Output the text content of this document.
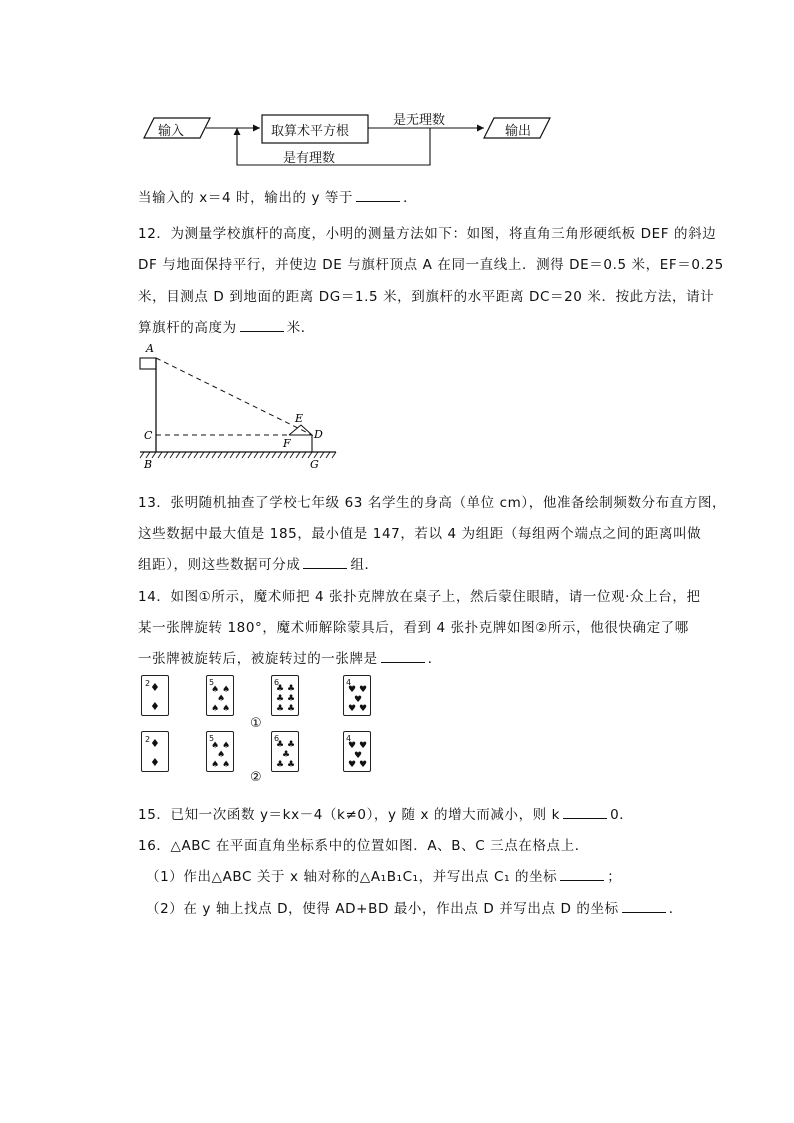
输入	取算术平方根
是无理数
输出
是有理数
当输入的 x＝4 时，输出的 y 等于	．
12．为测量学校旗杆的高度，小明的测量方法如下：如图，将直角三角形硬纸板 DEF 的斜边
DF 与地面保持平行，并使边 DE 与旗杆顶点 A 在同一直线上．测得 DE＝0.5 米，EF＝0.25
米，目测点 D 到地面的距离 DG＝1.5 米，到旗杆的水平距离 DC＝20 米．按此方法，请计
算旗杆的高度为	米．
A
C
B
E
F
D
G
13．张明随机抽查了学校七年级 63 名学生的身高（单位 cm），他准备绘制频数分布直方图，
这些数据中最大值是 185，最小值是 147，若以 4 为组距（每组两个端点之间的距离叫做
组距），则这些数据可分成	组．
14．如图①所示，魔术师把 4 张扑克牌放在桌子上，然后蒙住眼睛，请一位观·众上台，把
某一张牌旋转 180°，魔术师解除蒙具后，看到 4 张扑克牌如图②所示，他很快确定了哪
一张牌被旋转后，被旋转过的一张牌是	．
2 ♦
♦
5
♠ ♠
♠
♠ ♠
6
♣ ♣
♣ ♣
♣ ♣
4
♥ ♥
♥
♥ ♥
①
2 ♦
♦
5
♠ ♠
♠
♠ ♠
6
♣ ♣
♣
♣ ♣
4
♥ ♥
♥
♥ ♥
②
15．已知一次函数 y＝kx－4（k≠0），y 随 x 的增大而减小，则 k	0．
16．△ABC 在平面直角坐标系中的位置如图．A、B、C 三点在格点上．
（1）作出△ABC 关于 x 轴对称的△A₁B₁C₁，并写出点 C₁ 的坐标	；
（2）在 y 轴上找点 D，使得 AD+BD 最小，作出点 D 并写出点 D 的坐标	．
